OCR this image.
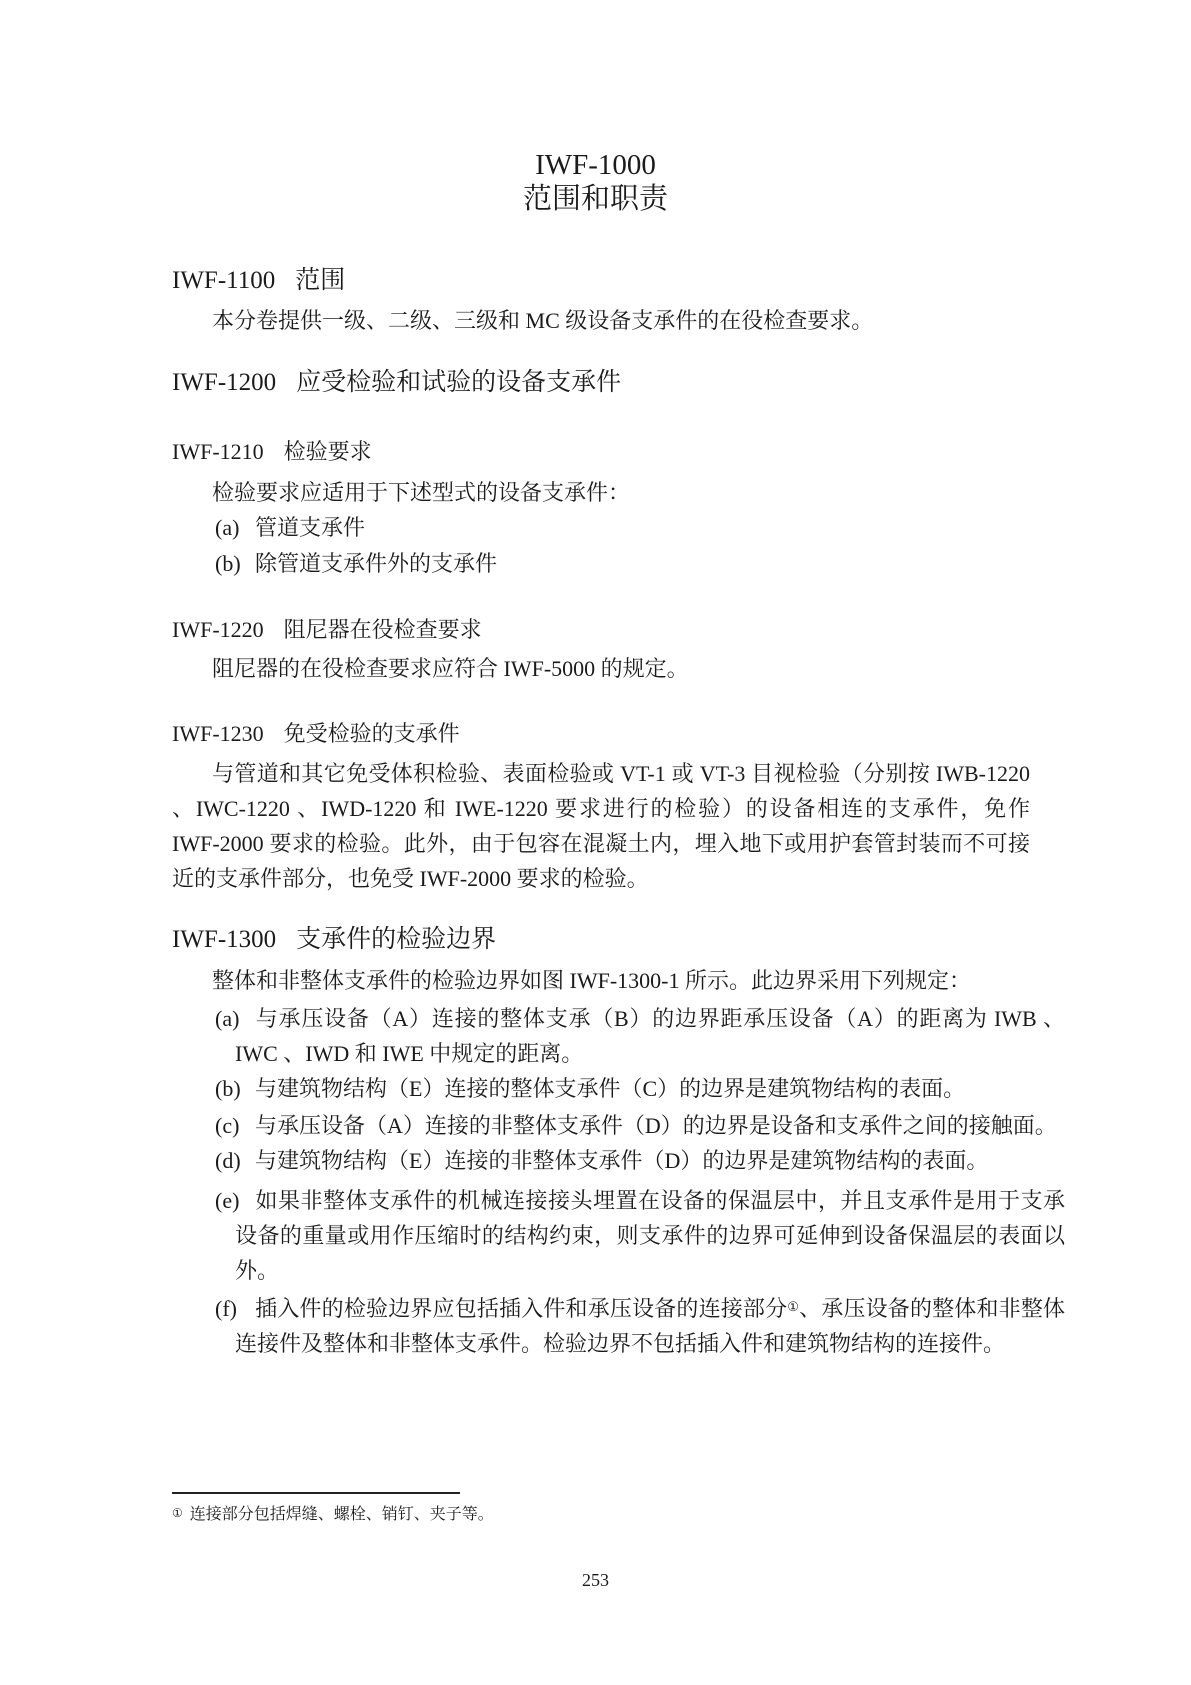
IWF-1000
范围和职责
IWF-1100 范围
本分卷提供一级、二级、三级和 MC 级设备支承件的在役检查要求。
IWF-1200 应受检验和试验的设备支承件
IWF-1210 检验要求
检验要求应适用于下述型式的设备支承件：
(a) 管道支承件
(b) 除管道支承件外的支承件
IWF-1220 阻尼器在役检查要求
阻尼器的在役检查要求应符合 IWF-5000 的规定。
IWF-1230 免受检验的支承件
与管道和其它免受体积检验、表面检验或 VT-1 或 VT-3 目视检验（分别按 IWB-1220 、IWC-1220 、IWD-1220 和 IWE-1220 要求进行的检验）的设备相连的支承件，免作 IWF-2000 要求的检验。此外，由于包容在混凝土内，埋入地下或用护套管封装而不可接近的支承件部分，也免受 IWF-2000 要求的检验。
IWF-1300 支承件的检验边界
整体和非整体支承件的检验边界如图 IWF-1300-1 所示。此边界采用下列规定：
(a) 与承压设备（A）连接的整体支承（B）的边界距承压设备（A）的距离为 IWB 、IWC 、IWD 和 IWE 中规定的距离。
(b) 与建筑物结构（E）连接的整体支承件（C）的边界是建筑物结构的表面。
(c) 与承压设备（A）连接的非整体支承件（D）的边界是设备和支承件之间的接触面。
(d) 与建筑物结构（E）连接的非整体支承件（D）的边界是建筑物结构的表面。
(e) 如果非整体支承件的机械连接接头埋置在设备的保温层中，并且支承件是用于支承设备的重量或用作压缩时的结构约束，则支承件的边界可延伸到设备保温层的表面以外。
(f) 插入件的检验边界应包括插入件和承压设备的连接部分①、承压设备的整体和非整体连接件及整体和非整体支承件。检验边界不包括插入件和建筑物结构的连接件。
① 连接部分包括焊缝、螺栓、销钉、夹子等。
253
